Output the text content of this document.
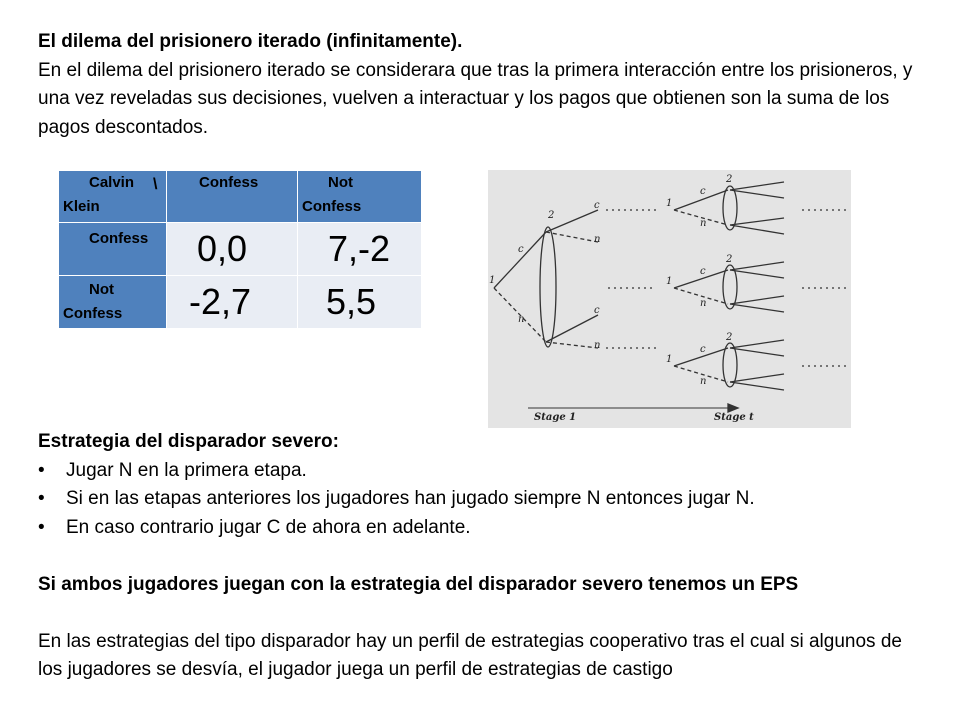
El dilema del prisionero iterado (infinitamente).

En el dilema del prisionero iterado se considerara que tras la primera interacción entre los prisioneros, y una vez reveladas sus decisiones, vuelven a interactuar y los pagos que obtienen son la suma de los pagos descontados.

Calvin \
Klein	Confess	Not Confess

Confess	0,0	7,-2

Not Confess	-2,7	5,5
1
2
c
n
c
n
c
n
1
2
c
n
1
2
c
n
1
2
c
n
Stage 1	Stage t

Estrategia del disparador severo:

• Jugar N en la primera etapa.
• Si en las etapas anteriores los jugadores han jugado siempre N entonces jugar N.
• En caso contrario jugar C de ahora en adelante.

Si ambos jugadores juegan con la estrategia del disparador severo tenemos un EPS

En las estrategias del tipo disparador hay un perfil de estrategias cooperativo tras el cual si algunos de los jugadores se desvía, el jugador juega un perfil de estrategias de castigo
